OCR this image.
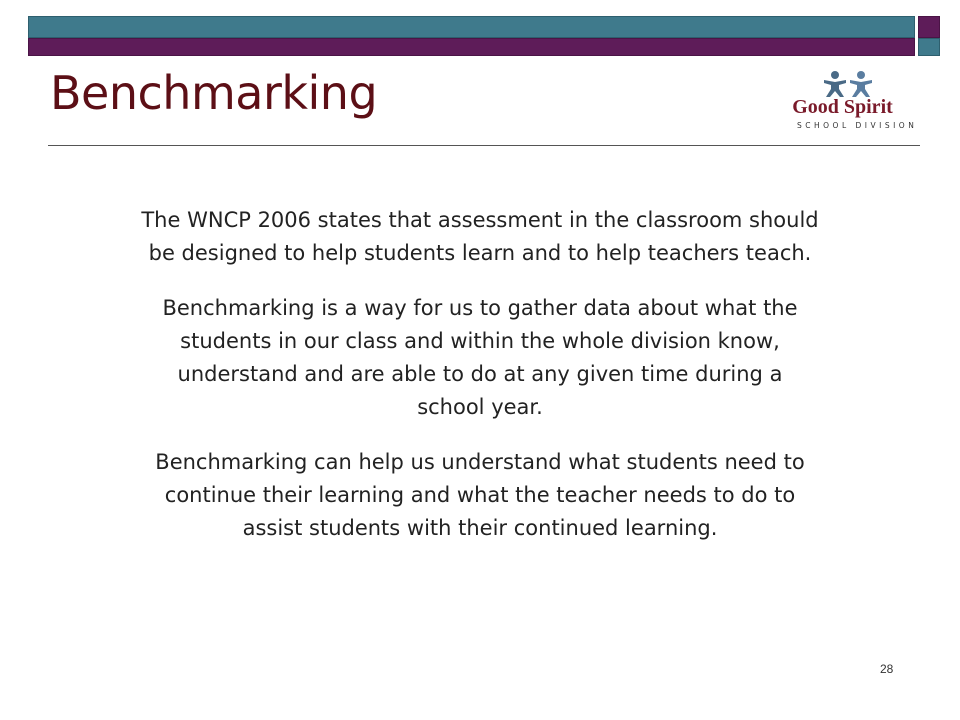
Benchmarking	Good Spirit
SCHOOL DIVISION

The WNCP 2006 states that assessment in the classroom should
be designed to help students learn and to help teachers teach.

Benchmarking is a way for us to gather data about what the
students in our class and within the whole division know,
understand and are able to do at any given time during a
school year.

Benchmarking can help us understand what students need to
continue their learning and what the teacher needs to do to
assist students with their continued learning.

28
